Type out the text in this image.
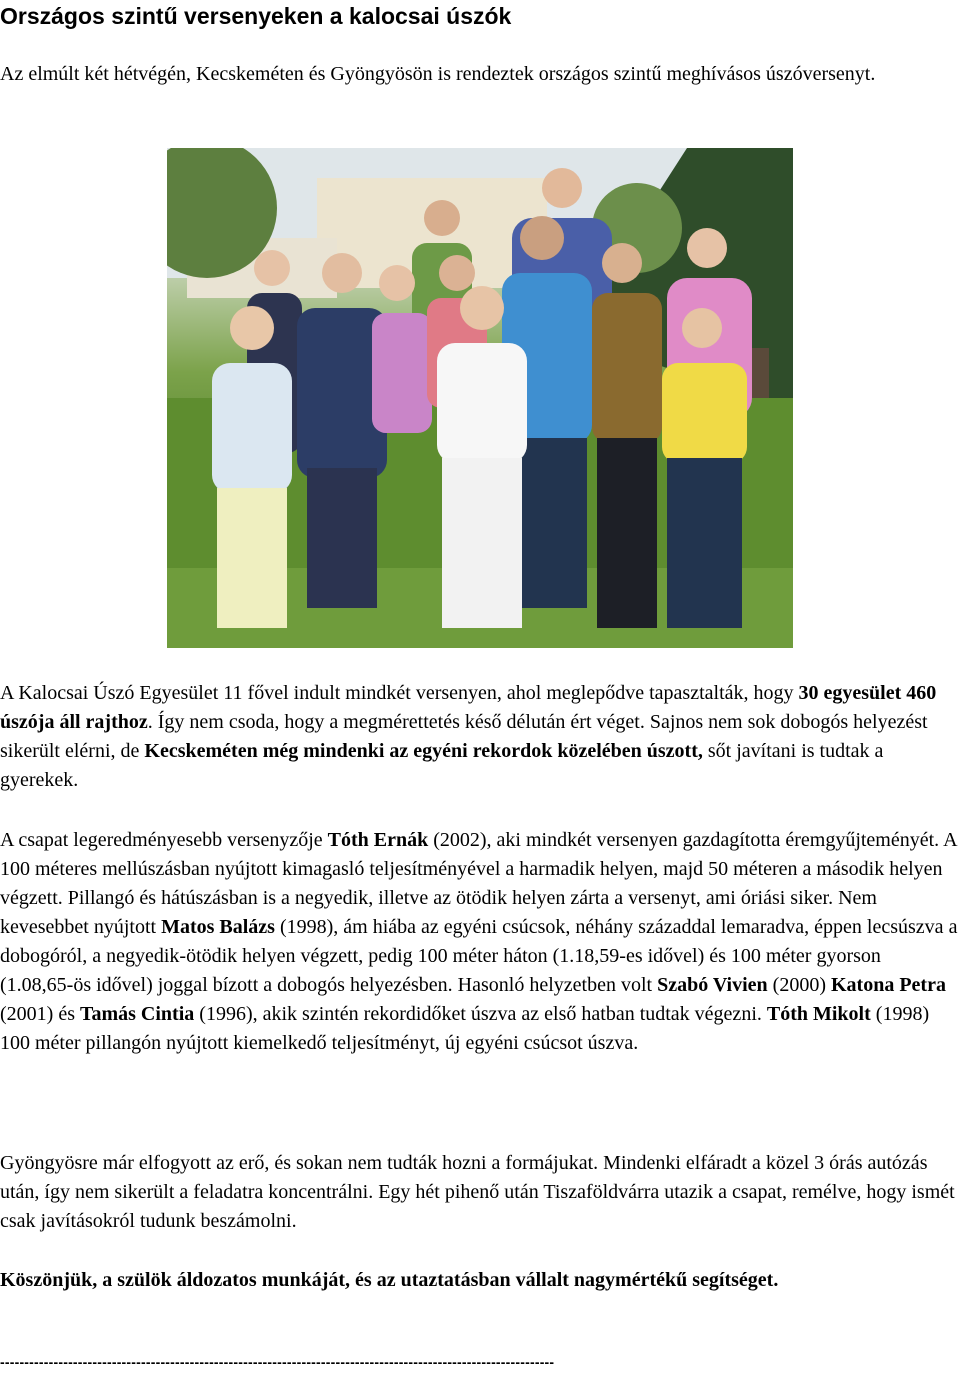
Országos szintű versenyeken a kalocsai úszók

Az elmúlt két hétvégén, Kecskeméten és Gyöngyösön is rendeztek országos szintű meghívásos úszóversenyt.

A Kalocsai Úszó Egyesület 11 fővel indult mindkét versenyen, ahol meglepődve tapasztalták, hogy 30 egyesület 460 úszója áll rajthoz. Így nem csoda, hogy a megmérettetés késő délután ért véget. Sajnos nem sok dobogós helyezést sikerült elérni, de Kecskeméten még mindenki az egyéni rekordok közelében úszott, sőt javítani is tudtak a gyerekek.

A csapat legeredményesebb versenyzője Tóth Ernák (2002), aki mindkét versenyen gazdagította éremgyűjteményét. A 100 méteres mellúszásban nyújtott kimagasló teljesítményével a harmadik helyen, majd 50 méteren a második helyen végzett. Pillangó és hátúszásban is a negyedik, illetve az ötödik helyen zárta a versenyt, ami óriási siker. Nem kevesebbet nyújtott Matos Balázs (1998), ám hiába az egyéni csúcsok, néhány századdal lemaradva, éppen lecsúszva a dobogóról, a negyedik-ötödik helyen végzett, pedig 100 méter háton (1.18,59-es idővel) és 100 méter gyorson (1.08,65-ös idővel) joggal bízott a dobogós helyezésben. Hasonló helyzetben volt Szabó Vivien (2000) Katona Petra (2001) és Tamás Cintia (1996), akik szintén rekordidőket úszva az első hatban tudtak végezni. Tóth Mikolt (1998) 100 méter pillangón nyújtott kiemelkedő teljesítményt, új egyéni csúcsot úszva.

Gyöngyösre már elfogyott az erő, és sokan nem tudták hozni a formájukat. Mindenki elfáradt a közel 3 órás autózás után, így nem sikerült a feladatra koncentrálni. Egy hét pihenő után Tiszaföldvárra utazik a csapat, remélve, hogy ismét csak javításokról tudunk beszámolni.

Köszönjük, a szülök áldozatos munkáját, és az utaztatásban vállalt nagymértékű segítséget.

------------------------------------------------------------------------------------------------------------------
